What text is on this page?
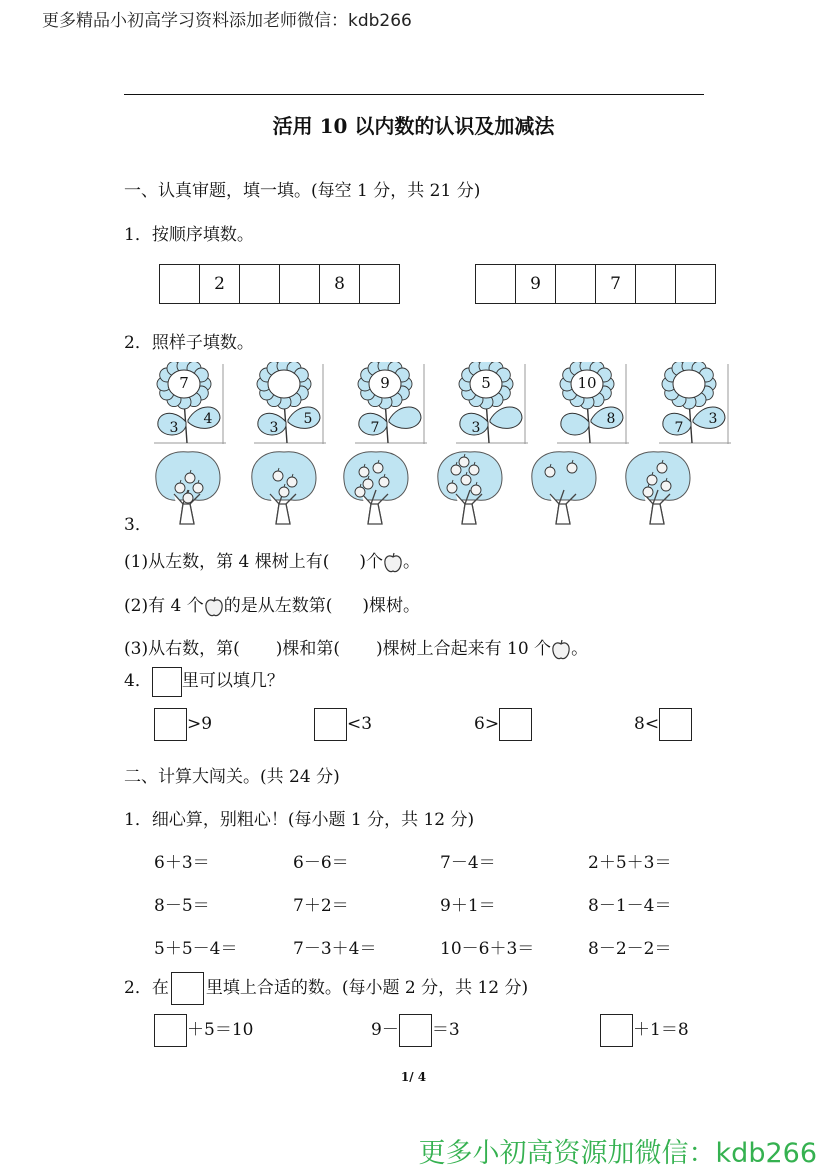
更多精品小初高学习资料添加老师微信：kdb266
活用 10 以内数的认识及加减法
一、认真审题，填一填。(每空 1 分，共 21 分)
1．按顺序填数。
2	8	9	7
2．照样子填数。
7
3
4
3
5
9
7
5
3
10
8
7
3
3．
(1)从左数，第 4 棵树上有( )个 。
(2)有 4 个 的是从左数第( )棵树。
(3)从右数，第( )棵和第( )棵树上合起来有 10 个 。
4． 里可以填几？
>9	<3	6>	8<
二、计算大闯关。(共 24 分)
1．细心算，别粗心！(每小题 1 分，共 12 分)
6＋3＝	6－6＝	7－4＝	2＋5＋3＝
8－5＝	7＋2＝	9＋1＝	8－1－4＝
5＋5－4＝	7－3＋4＝	10－6＋3＝	8－2－2＝
2．在 里填上合适的数。(每小题 2 分，共 12 分)
＋5＝10	9－ ＝3	＋1＝8
1/ 4
更多小初高资源加微信：kdb266
